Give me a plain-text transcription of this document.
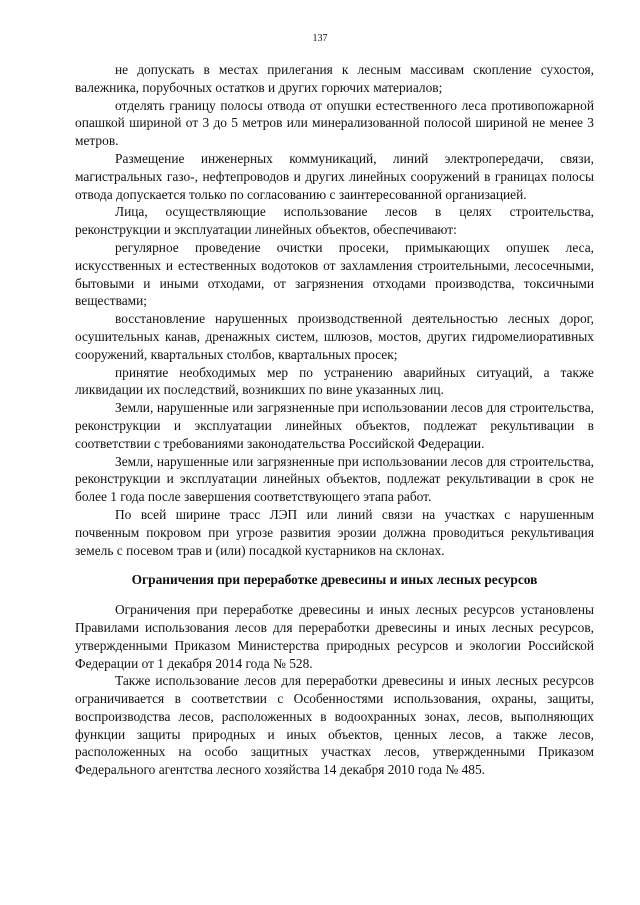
137

не допускать в местах прилегания к лесным массивам скопление сухостоя, валежника, порубочных остатков и других горючих материалов;

отделять границу полосы отвода от опушки естественного леса противопожарной опашкой шириной от 3 до 5 метров или минерализованной полосой шириной не менее 3 метров.

Размещение инженерных коммуникаций, линий электропередачи, связи, магистральных газо-, нефтепроводов и других линейных сооружений в границах полосы отвода допускается только по согласованию с заинтересованной организацией.

Лица, осуществляющие использование лесов в целях строительства, реконструкции и эксплуатации линейных объектов, обеспечивают:

регулярное проведение очистки просеки, примыкающих опушек леса, искусственных и естественных водотоков от захламления строительными, лесосечными, бытовыми и иными отходами, от загрязнения отходами производства, токсичными веществами;

восстановление нарушенных производственной деятельностью лесных дорог, осушительных канав, дренажных систем, шлюзов, мостов, других гидромелиоративных сооружений, квартальных столбов, квартальных просек;

принятие необходимых мер по устранению аварийных ситуаций, а также ликвидации их последствий, возникших по вине указанных лиц.

Земли, нарушенные или загрязненные при использовании лесов для строительства, реконструкции и эксплуатации линейных объектов, подлежат рекультивации в соответствии с требованиями законодательства Российской Федерации.

Земли, нарушенные или загрязненные при использовании лесов для строительства, реконструкции и эксплуатации линейных объектов, подлежат рекультивации в срок не более 1 года после завершения соответствующего этапа работ.

По всей ширине трасс ЛЭП или линий связи на участках с нарушенным почвенным покровом при угрозе развития эрозии должна проводиться рекультивация земель с посевом трав и (или) посадкой кустарников на склонах.

Ограничения при переработке древесины и иных лесных ресурсов

Ограничения при переработке древесины и иных лесных ресурсов установлены Правилами использования лесов для переработки древесины и иных лесных ресурсов, утвержденными Приказом Министерства природных ресурсов и экологии Российской Федерации от 1 декабря 2014 года № 528.

Также использование лесов для переработки древесины и иных лесных ресурсов ограничивается в соответствии с Особенностями использования, охраны, защиты, воспроизводства лесов, расположенных в водоохранных зонах, лесов, выполняющих функции защиты природных и иных объектов, ценных лесов, а также лесов, расположенных на особо защитных участках лесов, утвержденными Приказом Федерального агентства лесного хозяйства 14 декабря 2010 года № 485.
